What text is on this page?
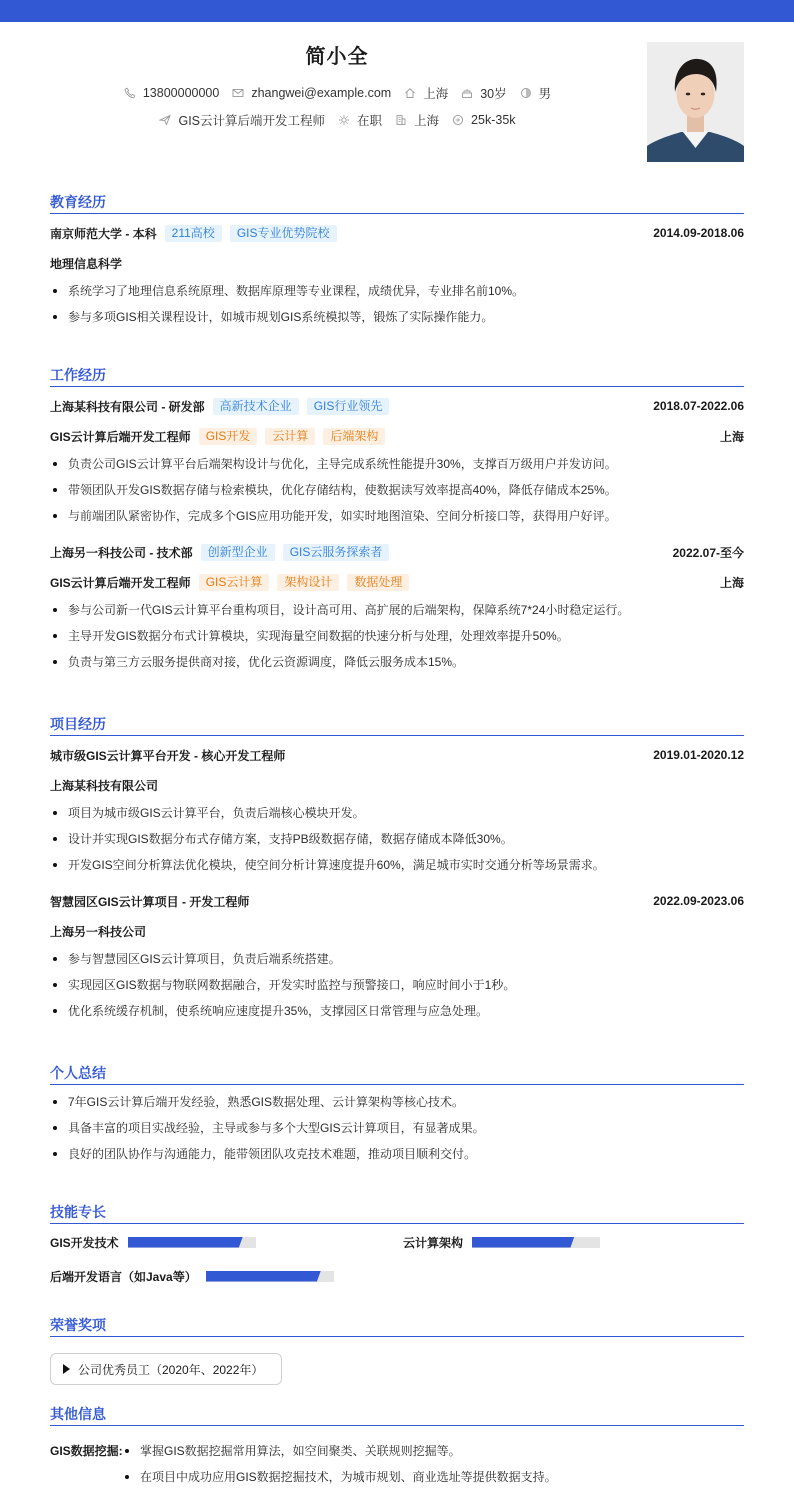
简小全
13800000000	zhangwei@example.com	上海	30岁	男
GIS云计算后端开发工程师	在职	上海	25k-35k
教育经历
南京师范大学 - 本科	211高校	GIS专业优势院校	2014.09-2018.06
地理信息科学
系统学习了地理信息系统原理、数据库原理等专业课程，成绩优异，专业排名前10%。
参与多项GIS相关课程设计，如城市规划GIS系统模拟等，锻炼了实际操作能力。
工作经历
上海某科技有限公司 - 研发部	高新技术企业	GIS行业领先	2018.07-2022.06
GIS云计算后端开发工程师	GIS开发	云计算	后端架构	上海
负责公司GIS云计算平台后端架构设计与优化，主导完成系统性能提升30%，支撑百万级用户并发访问。
带领团队开发GIS数据存储与检索模块，优化存储结构，使数据读写效率提高40%，降低存储成本25%。
与前端团队紧密协作，完成多个GIS应用功能开发，如实时地图渲染、空间分析接口等，获得用户好评。
上海另一科技公司 - 技术部	创新型企业	GIS云服务探索者	2022.07-至今
GIS云计算后端开发工程师	GIS云计算	架构设计	数据处理	上海
参与公司新一代GIS云计算平台重构项目，设计高可用、高扩展的后端架构，保障系统7*24小时稳定运行。
主导开发GIS数据分布式计算模块，实现海量空间数据的快速分析与处理，处理效率提升50%。
负责与第三方云服务提供商对接，优化云资源调度，降低云服务成本15%。
项目经历
城市级GIS云计算平台开发 - 核心开发工程师	2019.01-2020.12
上海某科技有限公司
项目为城市级GIS云计算平台，负责后端核心模块开发。
设计并实现GIS数据分布式存储方案，支持PB级数据存储，数据存储成本降低30%。
开发GIS空间分析算法优化模块，使空间分析计算速度提升60%，满足城市实时交通分析等场景需求。
智慧园区GIS云计算项目 - 开发工程师	2022.09-2023.06
上海另一科技公司
参与智慧园区GIS云计算项目，负责后端系统搭建。
实现园区GIS数据与物联网数据融合，开发实时监控与预警接口，响应时间小于1秒。
优化系统缓存机制，使系统响应速度提升35%，支撑园区日常管理与应急处理。
个人总结
7年GIS云计算后端开发经验，熟悉GIS数据处理、云计算架构等核心技术。
具备丰富的项目实战经验，主导或参与多个大型GIS云计算项目，有显著成果。
良好的团队协作与沟通能力，能带领团队攻克技术难题，推动项目顺利交付。
技能专长
GIS开发技术	云计算架构
后端开发语言（如Java等）
荣誉奖项
公司优秀员工（2020年、2022年）
其他信息
GIS数据挖掘:	掌握GIS数据挖掘常用算法，如空间聚类、关联规则挖掘等。
在项目中成功应用GIS数据挖掘技术，为城市规划、商业选址等提供数据支持。
